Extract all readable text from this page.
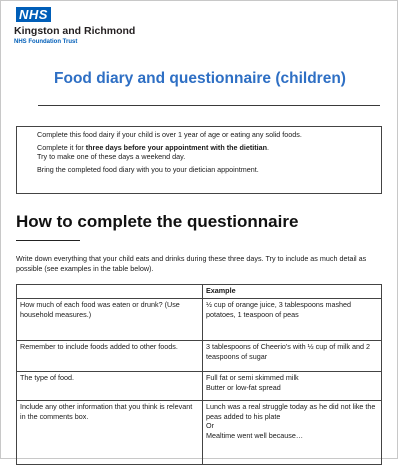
NHS
Kingston and Richmond
NHS Foundation Trust
Food diary and questionnaire (children)

Complete this food dairy if your child is over 1 year of age or eating any solid foods.

Complete it for three days before your appointment with the dietitian.
Try to make one of these days a weekend day.

Bring the completed food diary with you to your dietician appointment.

How to complete the questionnaire

Write down everything that your child eats and drinks during these three days. Try to include as much detail as possible (see examples in the table below).

	Example
How much of each food was eaten or drunk? (Use household measures.)	½ cup of orange juice, 3 tablespoons mashed potatoes, 1 teaspoon of peas
Remember to include foods added to other foods.	3 tablespoons of Cheerio's with ½ cup of milk and 2 teaspoons of sugar
The type of food.	Full fat or semi skimmed milk
Butter or low-fat spread

Include any other information that you think is relevant in the comments box.	Lunch was a real struggle today as he did not like the peas added to his plate
Or
Mealtime went well because…
